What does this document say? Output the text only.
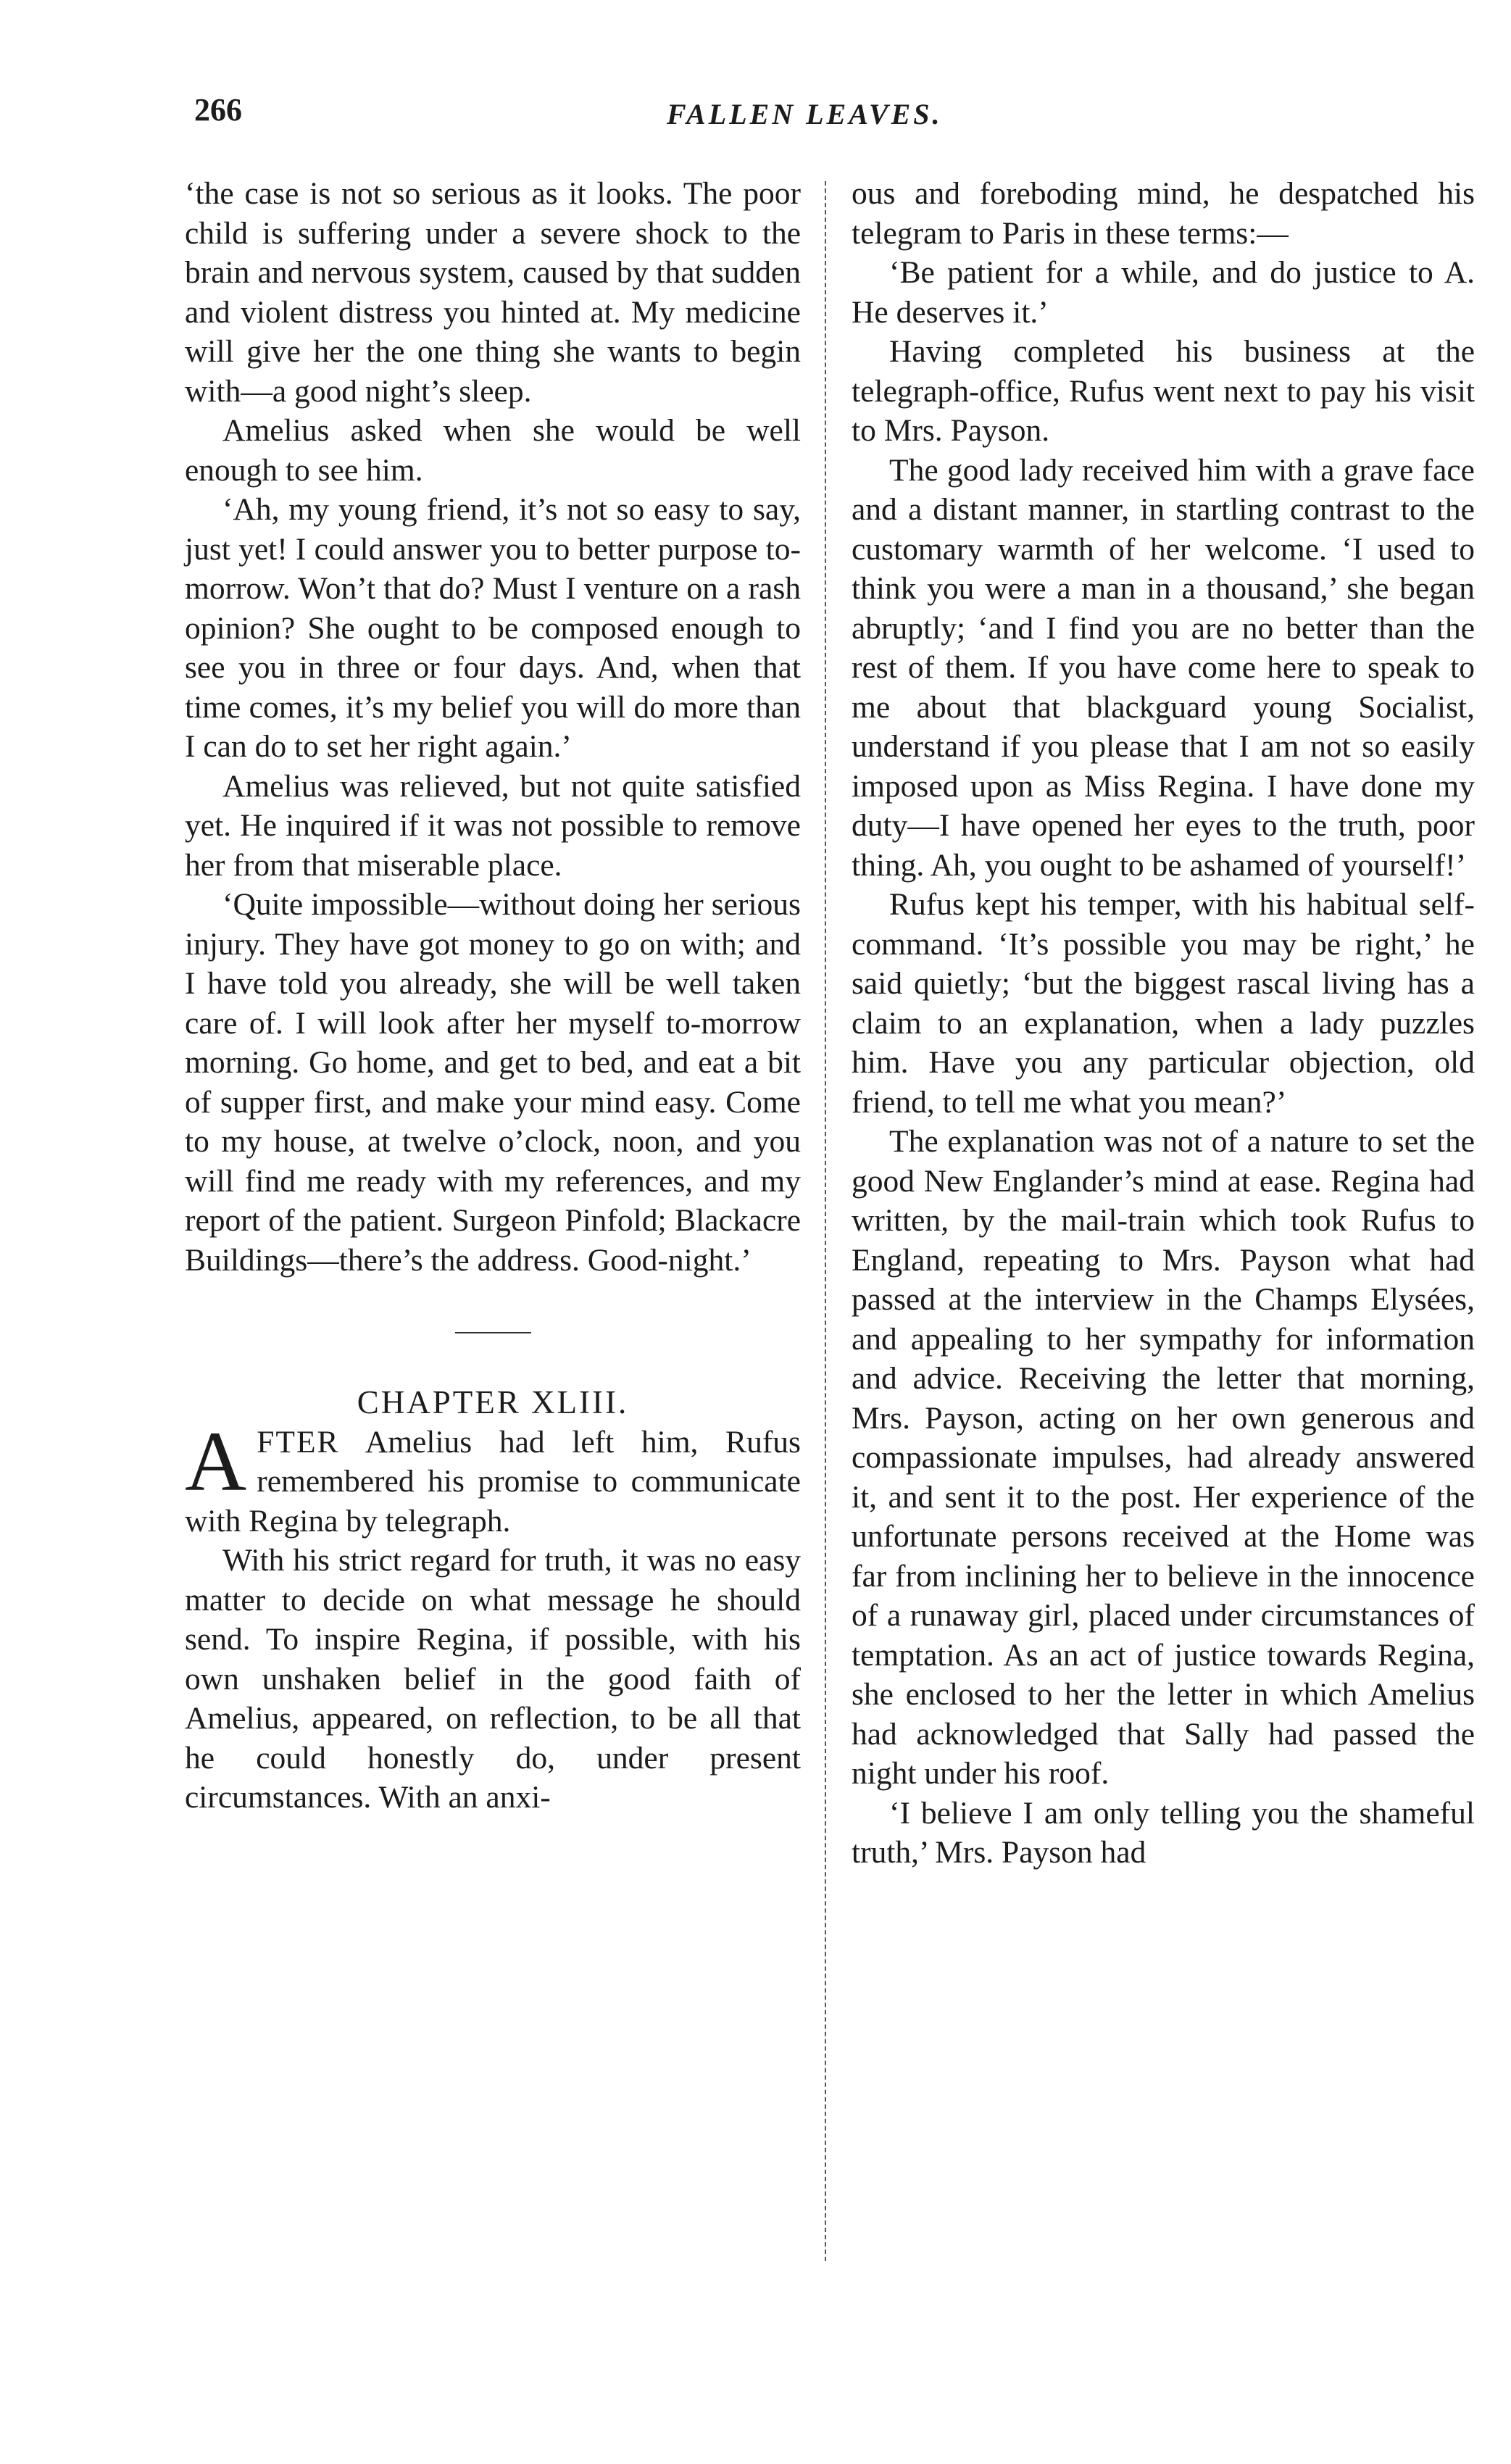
266	FALLEN LEAVES.

‘the case is not so serious as it looks. The poor child is suffering under a severe shock to the brain and nervous system, caused by that sudden and violent distress you hinted at. My medicine will give her the one thing she wants to begin with—a good night’s sleep.

Amelius asked when she would be well enough to see him.

‘Ah, my young friend, it’s not so easy to say, just yet! I could answer you to better purpose to-morrow. Won’t that do? Must I venture on a rash opinion? She ought to be composed enough to see you in three or four days. And, when that time comes, it’s my belief you will do more than I can do to set her right again.’

Amelius was relieved, but not quite satisfied yet. He inquired if it was not possible to remove her from that miserable place.

‘Quite impossible—without doing her serious injury. They have got money to go on with; and I have told you already, she will be well taken care of. I will look after her myself to-morrow morning. Go home, and get to bed, and eat a bit of supper first, and make your mind easy. Come to my house, at twelve o’clock, noon, and you will find me ready with my references, and my report of the patient. Surgeon Pinfold; Blackacre Buildings—there’s the address. Good-night.’

CHAPTER XLIII.

AFTER Amelius had left him, Rufus remembered his promise to communicate with Regina by telegraph.

With his strict regard for truth, it was no easy matter to decide on what message he should send. To inspire Regina, if possible, with his own unshaken belief in the good faith of Amelius, appeared, on reflection, to be all that he could honestly do, under present circumstances. With an anxi-

ous and foreboding mind, he despatched his telegram to Paris in these terms:—

‘Be patient for a while, and do justice to A. He deserves it.’

Having completed his business at the telegraph-office, Rufus went next to pay his visit to Mrs. Payson.

The good lady received him with a grave face and a distant manner, in startling contrast to the customary warmth of her welcome. ‘I used to think you were a man in a thousand,’ she began abruptly; ‘and I find you are no better than the rest of them. If you have come here to speak to me about that blackguard young Socialist, understand if you please that I am not so easily imposed upon as Miss Regina. I have done my duty—I have opened her eyes to the truth, poor thing. Ah, you ought to be ashamed of yourself!’

Rufus kept his temper, with his habitual self-command. ‘It’s possible you may be right,’ he said quietly; ‘but the biggest rascal living has a claim to an explanation, when a lady puzzles him. Have you any particular objection, old friend, to tell me what you mean?’

The explanation was not of a nature to set the good New Englander’s mind at ease. Regina had written, by the mail-train which took Rufus to England, repeating to Mrs. Payson what had passed at the interview in the Champs Elysées, and appealing to her sympathy for information and advice. Receiving the letter that morning, Mrs. Payson, acting on her own generous and compassionate impulses, had already answered it, and sent it to the post. Her experience of the unfortunate persons received at the Home was far from inclining her to believe in the innocence of a runaway girl, placed under circumstances of temptation. As an act of justice towards Regina, she enclosed to her the letter in which Amelius had acknowledged that Sally had passed the night under his roof.

‘I believe I am only telling you the shameful truth,’ Mrs. Payson had
